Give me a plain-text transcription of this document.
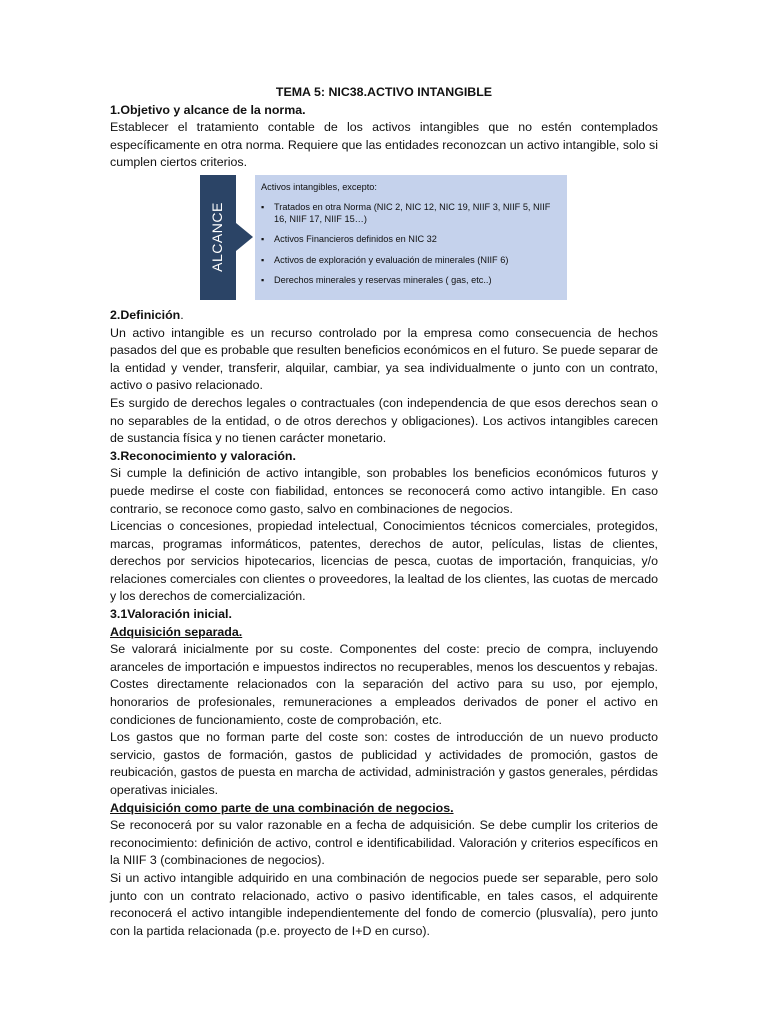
TEMA 5: NIC38.ACTIVO INTANGIBLE
1.Objetivo y alcance de la norma.
Establecer el tratamiento contable de los activos intangibles que no estén contemplados específicamente en otra norma. Requiere que las entidades reconozcan un activo intangible, solo si cumplen ciertos criterios.
ALCANCE
Activos intangibles, excepto:
▪ Tratados en otra Norma (NIC 2, NIC 12, NIC 19, NIIF 3, NIIF 5, NIIF 16, NIIF 17, NIIF 15…)
▪ Activos Financieros definidos en NIC 32
▪ Activos de exploración y evaluación de minerales (NIIF 6)
▪ Derechos minerales y reservas minerales ( gas, etc..)
2.Definición.
Un activo intangible es un recurso controlado por la empresa como consecuencia de hechos pasados del que es probable que resulten beneficios económicos en el futuro. Se puede separar de la entidad y vender, transferir, alquilar, cambiar, ya sea individualmente o junto con un contrato, activo o pasivo relacionado.
Es surgido de derechos legales o contractuales (con independencia de que esos derechos sean o no separables de la entidad, o de otros derechos y obligaciones). Los activos intangibles carecen de sustancia física y no tienen carácter monetario.
3.Reconocimiento y valoración.
Si cumple la definición de activo intangible, son probables los beneficios económicos futuros y puede medirse el coste con fiabilidad, entonces se reconocerá como activo intangible. En caso contrario, se reconoce como gasto, salvo en combinaciones de negocios.
Licencias o concesiones, propiedad intelectual, Conocimientos técnicos comerciales, protegidos, marcas, programas informáticos, patentes, derechos de autor, películas, listas de clientes, derechos por servicios hipotecarios, licencias de pesca, cuotas de importación, franquicias, y/o relaciones comerciales con clientes o proveedores, la lealtad de los clientes, las cuotas de mercado y los derechos de comercialización.
3.1Valoración inicial.
Adquisición separada.
Se valorará inicialmente por su coste. Componentes del coste: precio de compra, incluyendo aranceles de importación e impuestos indirectos no recuperables, menos los descuentos y rebajas. Costes directamente relacionados con la separación del activo para su uso, por ejemplo, honorarios de profesionales, remuneraciones a empleados derivados de poner el activo en condiciones de funcionamiento, coste de comprobación, etc.
Los gastos que no forman parte del coste son: costes de introducción de un nuevo producto servicio, gastos de formación, gastos de publicidad y actividades de promoción, gastos de reubicación, gastos de puesta en marcha de actividad, administración y gastos generales, pérdidas operativas iniciales.
Adquisición como parte de una combinación de negocios.
Se reconocerá por su valor razonable en a fecha de adquisición. Se debe cumplir los criterios de reconocimiento: definición de activo, control e identificabilidad. Valoración y criterios específicos en la NIIF 3 (combinaciones de negocios).
Si un activo intangible adquirido en una combinación de negocios puede ser separable, pero solo junto con un contrato relacionado, activo o pasivo identificable, en tales casos, el adquirente reconocerá el activo intangible independientemente del fondo de comercio (plusvalía), pero junto con la partida relacionada (p.e. proyecto de I+D en curso).
